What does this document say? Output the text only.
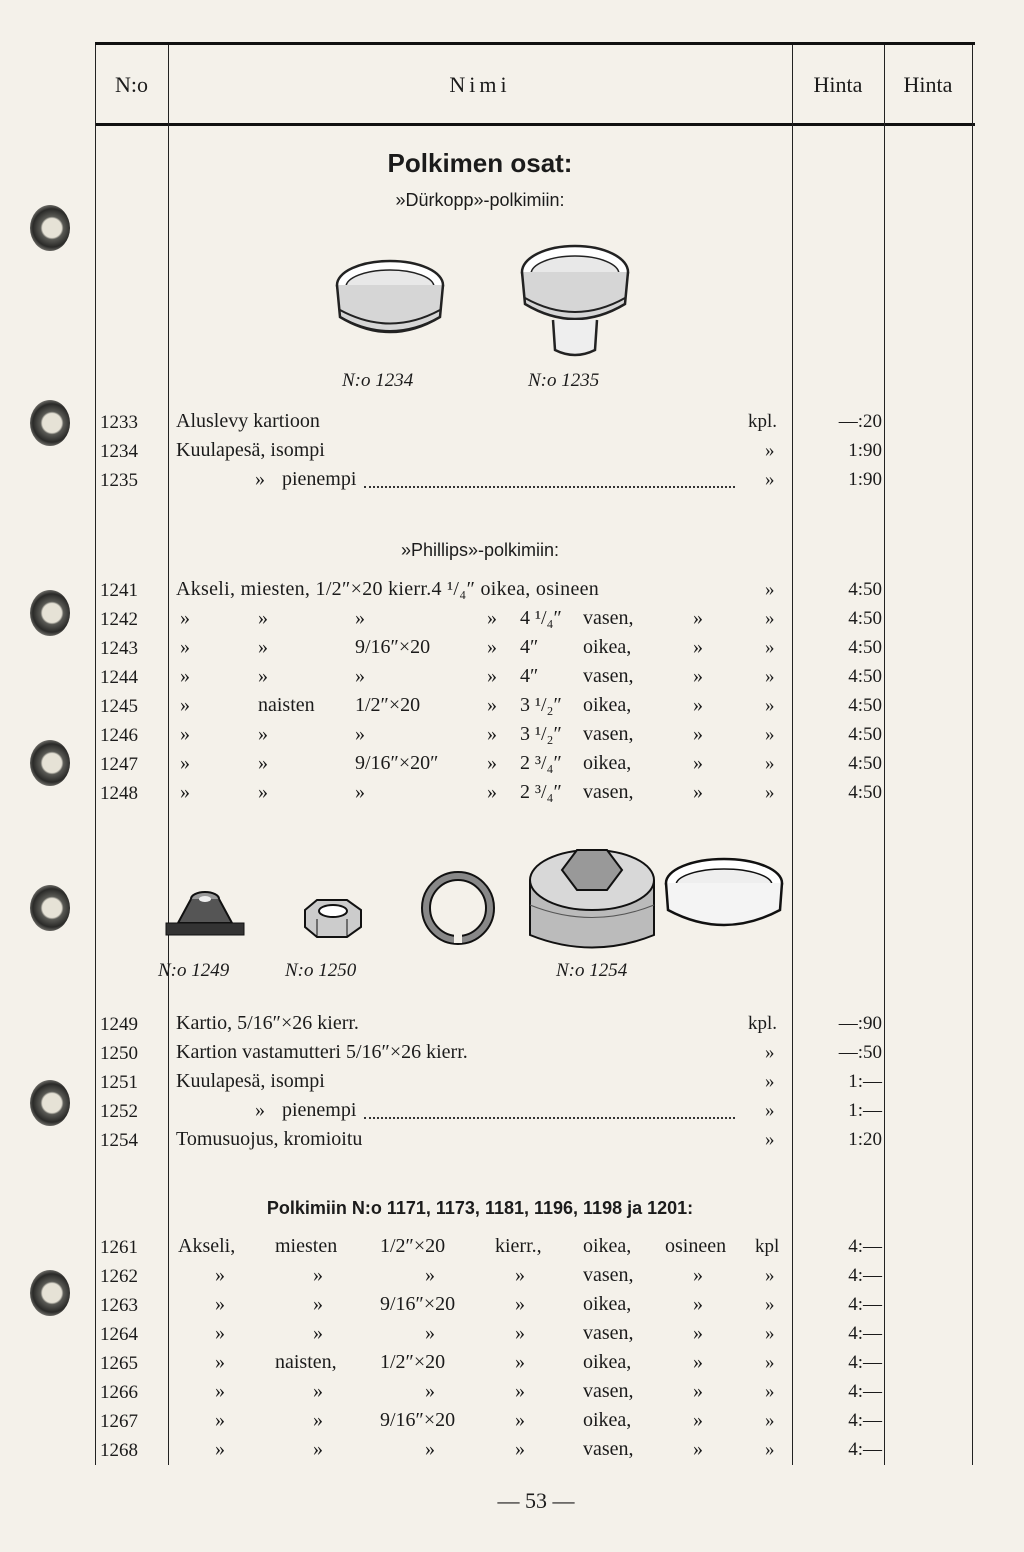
N:o	Nimi	Hinta	Hinta
Polkimen osat:
»Dürkopp»-polkimiin:
N:o 1234	N:o 1235
1233	Aluslevy kartioon	kpl.	—:20
1234	Kuulapesä, isompi	»	1:90
1235	» pienempi	»	1:90
»Phillips»-polkimiin:
1241	Akseli, miesten, 1/2″×20 kierr.4 ¹/₄″ oikea, osineen	»	4:50
1242	»	»	»	» 4 ¹/₄″ vasen,	»	»	4:50
1243	»	»	9/16″×20	» 4″ oikea,	»	»	4:50
1244	»	»	»	» 4″ vasen,	»	»	4:50
1245	»	naisten 1/2″×20	» 3 ¹/₂″ oikea,	»	»	4:50
1246	»	»	»	» 3 ¹/₂″ vasen,	»	»	4:50
1247	»	»	9/16″×20″ » 2 ³/₄″ oikea,	»	»	4:50
1248	»	»	»	» 2 ³/₄″ vasen,	»	»	4:50
N:o 1249	N:o 1250	N:o 1254
1249	Kartio, 5/16″×26 kierr.	kpl.	—:90
1250	Kartion vastamutteri 5/16″×26 kierr.	»	—:50
1251	Kuulapesä, isompi	»	1:—
1252	» pienempi	»	1:—
1254	Tomusuojus, kromioitu	»	1:20
Polkimiin N:o 1171, 1173, 1181, 1196, 1198 ja 1201:
1261	Akseli, miesten 1/2″×20 kierr., oikea, osineen kpl	4:—
1262	»	»	»	»	vasen,	»	»	4:—
1263	»	»	9/16″×20	»	oikea,	»	»	4:—
1264	»	»	»	»	vasen,	»	»	4:—
1265	»	naisten, 1/2″×20	»	oikea,	»	»	4:—
1266	»	»	»	»	vasen,	»	»	4:—
1267	»	»	9/16″×20	»	oikea,	»	»	4:—
1268	»	»	»	»	vasen,	»	»	4:—
— 53 —
